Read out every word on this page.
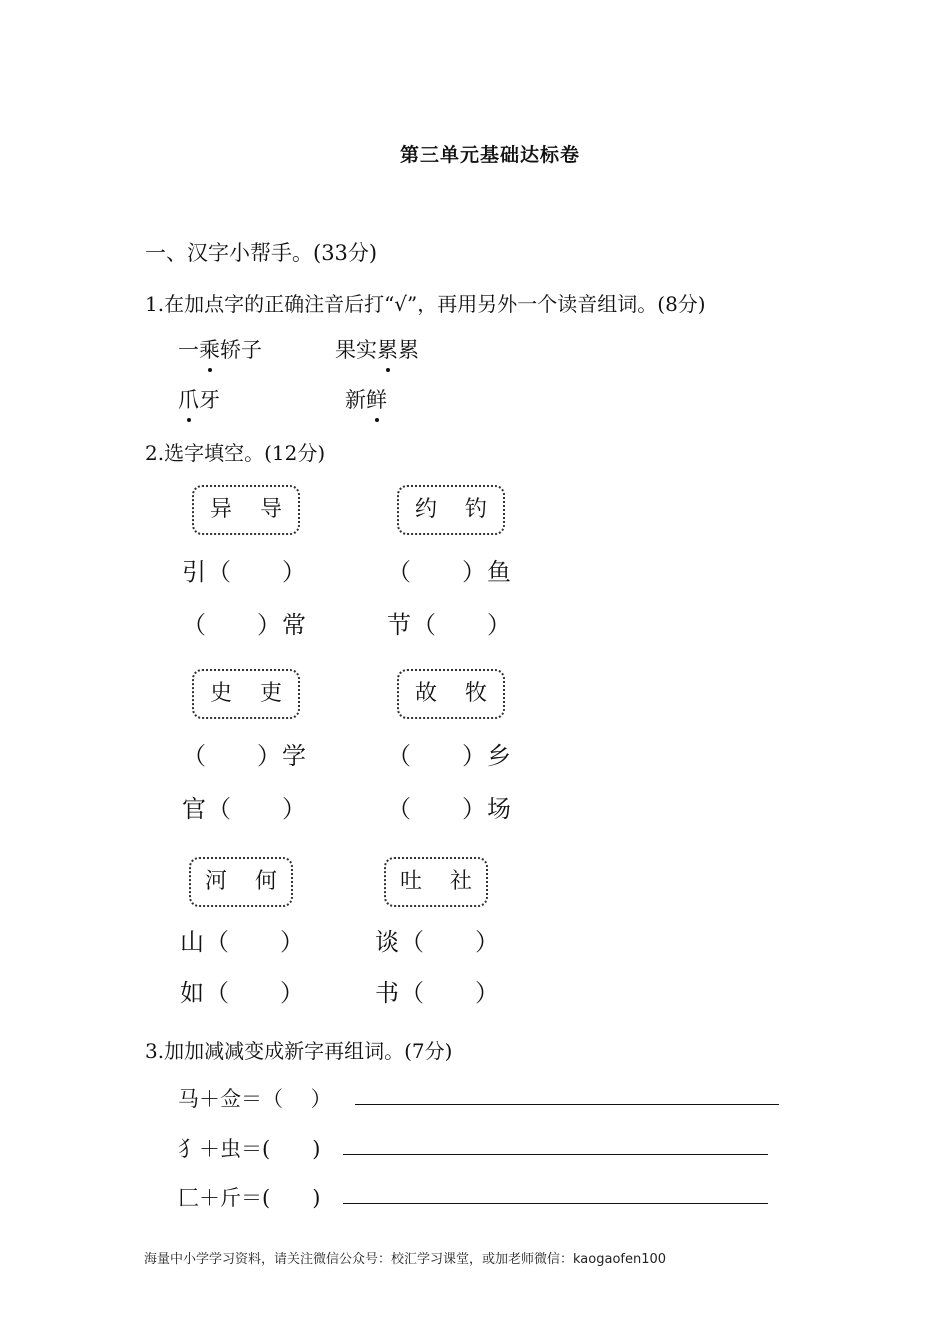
第三单元基础达标卷
一、汉字小帮手。(33分)
1.在加点字的正确注音后打“√”，再用另外一个读音组词。(8分)
一乘轿子	果实累累
爪牙	新鲜
2.选字填空。(12分)
异 导
引（　　）
（　　）常
约 钓
（　　）鱼
节（　　）
史 吏
（　　）学
官（　　）
故 牧
（　　）乡
（　　）场
河 何
山（　　）
如（　　）
吐 社
谈（　　）
书（　　）
3.加加减减变成新字再组词。(7分)
马＋佥＝（　 ）
犭＋虫＝(　　)
匚＋斤＝(　　)
海量中小学学习资料，请关注微信公众号：校汇学习课堂，或加老师微信：kaogaofen100
